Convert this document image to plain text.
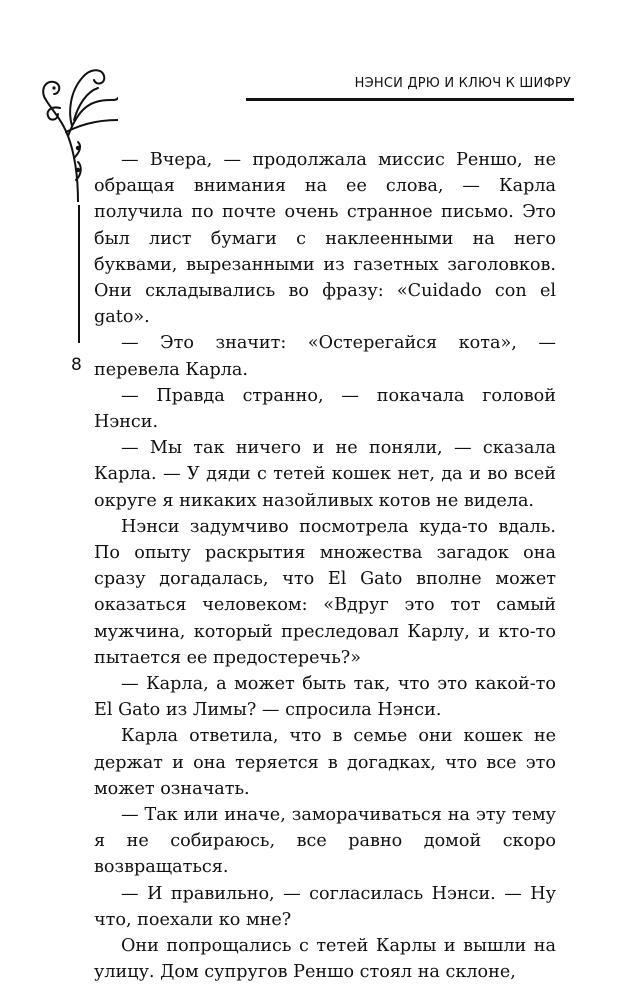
НЭНСИ ДРЮ И КЛЮЧ К ШИФРУ
8

— Вчера, — продолжала миссис Реншо, не обращая внимания на ее слова, — Карла получила по почте очень странное письмо. Это был лист бумаги с наклеенными на него буквами, вырезанными из газетных заголовков. Они складывались во фразу: «Cuidado con el gato».

— Это значит: «Остерегайся кота», — перевела Карла.

— Правда странно, — покачала головой Нэнси.

— Мы так ничего и не поняли, — сказала Карла. — У дяди с тетей кошек нет, да и во всей округе я никаких назойливых котов не видела.

Нэнси задумчиво посмотрела куда-то вдаль. По опыту раскрытия множества загадок она сразу догадалась, что El Gato вполне может оказаться человеком: «Вдруг это тот самый мужчина, который преследовал Карлу, и кто-то пытается ее предостеречь?»

— Карла, а может быть так, что это какой-то El Gato из Лимы? — спросила Нэнси.

Карла ответила, что в семье они кошек не держат и она теряется в догадках, что все это может означать.

— Так или иначе, заморачиваться на эту тему я не собираюсь, все равно домой скоро возвращаться.

— И правильно, — согласилась Нэнси. — Ну что, поехали ко мне?

Они попрощались с тетей Карлы и вышли на улицу. Дом супругов Реншо стоял на склоне,
